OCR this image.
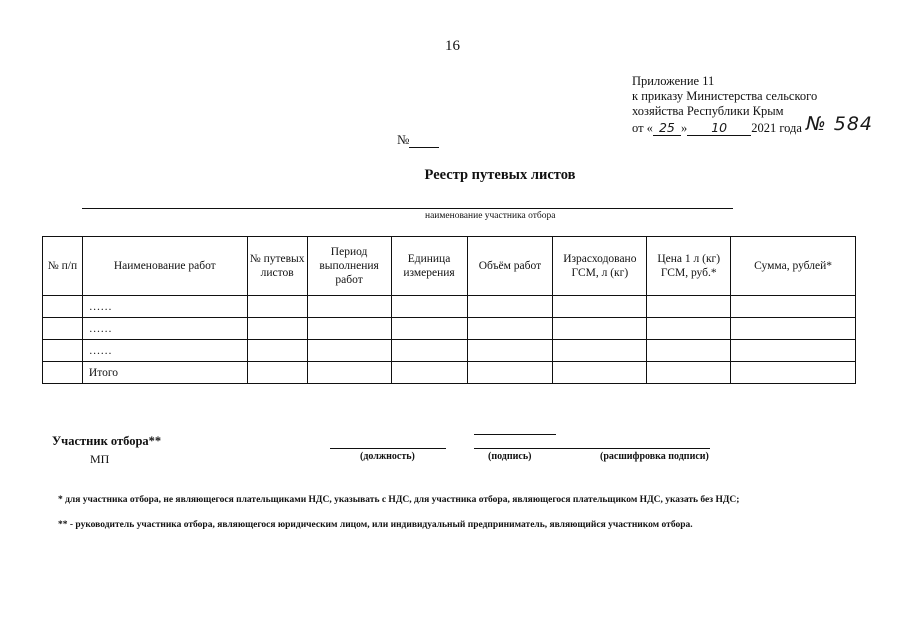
16
Приложение 11
к приказу Министерства сельского
хозяйства Республики Крым
от « 25 » 10 2021 года № 584
№
Реестр путевых листов
наименование участника отбора
№ п/п	Наименование работ	№ путевых листов	Период выполнения работ	Единица измерения	Объём работ	Израсходовано ГСМ, л (кг)	Цена 1 л (кг) ГСМ, руб.*	Сумма, рублей*
	……							
	……							
	……							
	Итого							
Участник отбора**
МП	(должность)	(подпись)	(расшифровка подписи)
* для участника отбора, не являющегося плательщиками НДС, указывать с НДС, для участника отбора, являющегося плательщиком НДС, указать без НДС;
** - руководитель участника отбора, являющегося юридическим лицом, или индивидуальный предприниматель, являющийся участником отбора.
